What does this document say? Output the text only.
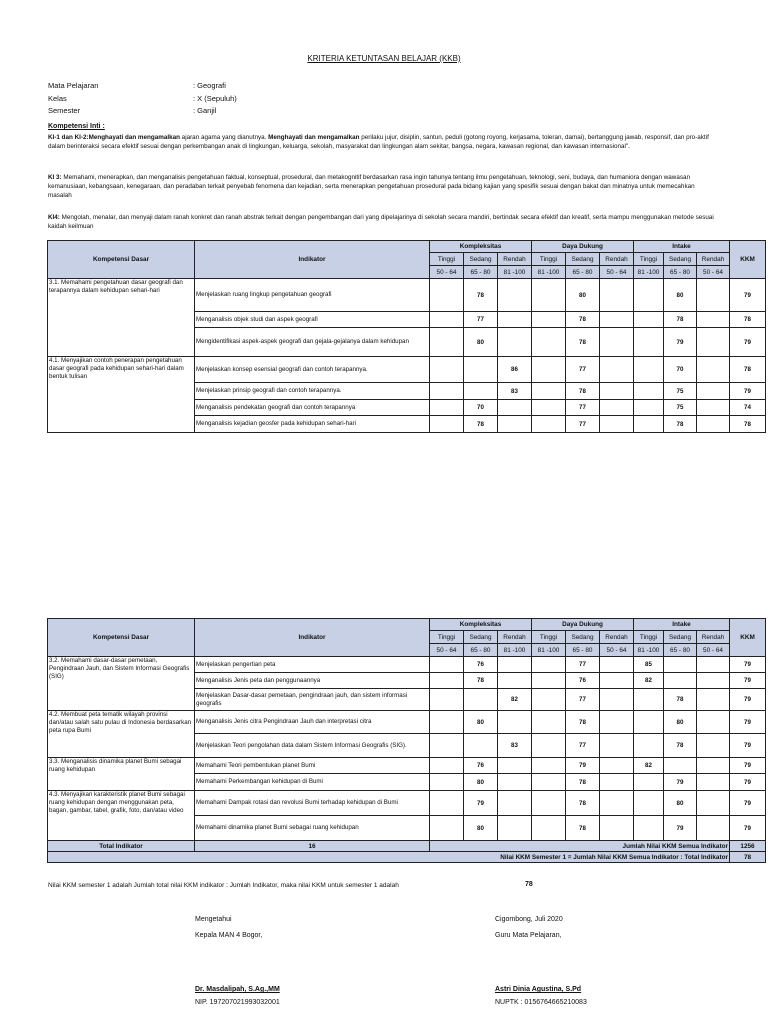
KRITERIA KETUNTASAN BELAJAR (KKB)
Mata Pelajaran	: Geografi
Kelas	: X (Sepuluh)
Semester	: Ganjil
Kompetensi Inti :
KI-1 dan KI-2:Menghayati dan mengamalkan ajaran agama yang dianutnya. Menghayati dan mengamalkan perilaku jujur, disiplin, santun, peduli (gotong royong, kerjasama, toleran, damai), bertanggung jawab, responsif, dan pro-aktif dalam berinteraksi secara efektif sesuai dengan perkembangan anak di lingkungan, keluarga, sekolah, masyarakat dan lingkungan alam sekitar, bangsa, negara, kawasan regional, dan kawasan internasional".
KI 3: Memahami, menerapkan, dan menganalisis pengetahuan faktual, konseptual, prosedural, dan metakognitif berdasarkan rasa ingin tahunya tentang ilmu pengetahuan, teknologi, seni, budaya, dan humaniora dengan wawasan kemanusiaan, kebangsaan, kenegaraan, dan peradaban terkait penyebab fenomena dan kejadian, serta menerapkan pengetahuan prosedural pada bidang kajian yang spesifik sesuai dengan bakat dan minatnya untuk memecahkan masalah
KI4: Mengolah, menalar, dan menyaji dalam ranah konkret dan ranah abstrak terkait dengan pengembangan dari yang dipelajarinya di sekolah secara mandiri, bertindak secara efektif dan kreatif, serta mampu menggunakan metode sesuai kaidah keilmuan
Kompetensi Dasar	Indikator	Kompleksitas			Daya Dukung			Intake			KKM
		Tinggi	Sedang	Rendah	Tinggi	Sedang	Rendah	Tinggi	Sedang	Rendah	
		50 - 64	65 - 80	81 -100	81 -100	65 - 80	50 - 64	81 -100	65 - 80	50 - 64	
3.1. Memahami pengetahuan dasar geografi dan terapannya dalam kehidupan sehari-hari	Menjelaskan ruang lingkup pengetahuan geografi		78			80			80		79
	Menganalisis objek studi dan aspek geografi		77			78			78		78
	Mengidentifikasi aspek-aspek geografi dan gejala-gejalanya dalam kehidupan		80			78			79		79
4.1. Menyajikan contoh penerapan pengetahuan dasar geografi pada kehidupan sehari-hari dalam bentuk tulisan	Menjelaskan konsep esensial geografi dan contoh terapannya.			86		77			70		78
	Menjelaskan prinsip geografi dan contoh terapannya.			83		78			75		79
	Menganalisis pendekatan geografi dan contoh terapannya		70			77			75		74
	Menganalisis kejadian geosfer pada kehidupan sehari-hari		78			77			78		78
Kompetensi Dasar	Indikator	Kompleksitas			Daya Dukung			Intake			KKM
		Tinggi	Sedang	Rendah	Tinggi	Sedang	Rendah	Tinggi	Sedang	Rendah	
		50 - 64	65 - 80	81 -100	81 -100	65 - 80	50 - 64	81 -100	65 - 80	50 - 64	
3.2. Memahami dasar-dasar pemetaan, Pengindraan Jauh, dan Sistem Informasi Geografis (SIG)	Menjelaskan pengertian peta		76			77		85			79
	Menganalisis Jenis peta dan penggunaannya		78			76		82			79
	Menjelaskan Dasar-dasar pemetaan, pengindraan jauh, dan sistem informasi geografis			82		77			78		79
4.2. Membuat peta tematik wilayah provinsi dan/atau salah satu pulau di Indonesia berdasarkan peta rupa Bumi	Menganalisis Jenis citra Pengindraan Jauh dan interpretasi citra		80			78			80		79
	Menjelaskan Teori pengolahan data dalam Sistem Informasi Geografis (SIG).			83		77			78		79
3.3. Menganalisis dinamika planet Bumi sebagai ruang kehidupan	Memahami Teori pembentukan planet Bumi		76			79		82			79
	Memahami Perkembangan kehidupan di Bumi		80			78			79		79
4.3. Menyajikan karakteristik planet Bumi sebagai ruang kehidupan dengan menggunakan peta, bagan, gambar, tabel, grafik, foto, dan/atau video	Memahami Dampak rotasi dan revolusi Bumi terhadap kehidupan di Bumi		79			78			80		79
	Memahami dinamika planet Bumi sebagai ruang kehidupan		80			78			79		79
Total Indikator	16	Jumlah Nilai KKM Semua Indikator									1256
Nilai KKM Semester 1 = Jumlah Nilai KKM Semua Indikator : Total Indikator											78
Nilai KKM semester 1 adalah Jumlah total nilai KKM indikator : Jumlah Indikator, maka nilai KKM untuk semester 1 adalah	78
Mengetahui
Kepala MAN 4 Bogor,
Dr. Masdalipah, S.Ag.,MM
NIP. 197207021993032001
Cigombong, Juli 2020
Guru Mata Pelajaran,
Astri Dinia Agustina, S.Pd
NUPTK : 0156764665210083
